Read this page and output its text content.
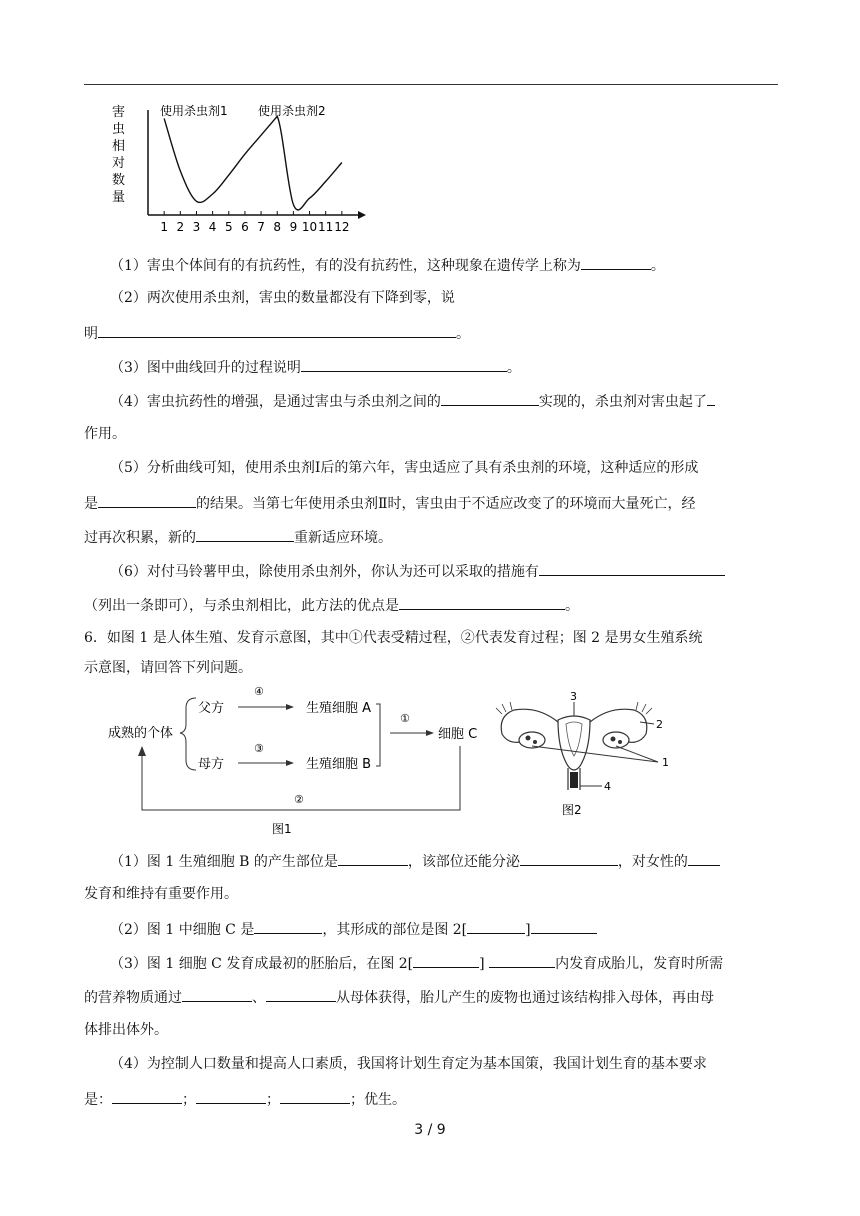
害
虫
相
对
数
量
1 2 3 4 5 6 7 8 9 10 11 12
使用杀虫剂1	使用杀虫剂2
（1）害虫个体间有的有抗药性，有的没有抗药性，这种现象在遗传学上称为	。
（2）两次使用杀虫剂，害虫的数量都没有下降到零，说
明	。
（3）图中曲线回升的过程说明	。
（4）害虫抗药性的增强，是通过害虫与杀虫剂之间的	实现的，杀虫剂对害虫起了
作用。
（5）分析曲线可知，使用杀虫剂Ⅰ后的第六年，害虫适应了具有杀虫剂的环境，这种适应的形成
是	的结果。当第七年使用杀虫剂Ⅱ时，害虫由于不适应改变了的环境而大量死亡，经
过再次积累，新的	重新适应环境。
（6）对付马铃薯甲虫，除使用杀虫剂外，你认为还可以采取的措施有
（列出一条即可），与杀虫剂相比，此方法的优点是	。
6．如图 1 是人体生殖、发育示意图，其中①代表受精过程，②代表发育过程；图 2 是男女生殖系统
示意图，请回答下列问题。
成熟的个体
父方
母方
④
③
生殖细胞 A
生殖细胞 B
①
细胞 C
②
图1
3
2
1
4
图2
（1）图 1 生殖细胞 B 的产生部位是	，该部位还能分泌	，对女性的
发育和维持有重要作用。
（2）图 1 中细胞 C 是	，其形成的部位是图 2[	]
（3）图 1 细胞 C 发育成最初的胚胎后，在图 2[	]	内发育成胎儿，发育时所需
的营养物质通过	、	从母体获得，胎儿产生的废物也通过该结构排入母体，再由母
体排出体外。
（4）为控制人口数量和提高人口素质，我国将计划生育定为基本国策，我国计划生育的基本要求
是：	；	；	；优生。
3 / 9
